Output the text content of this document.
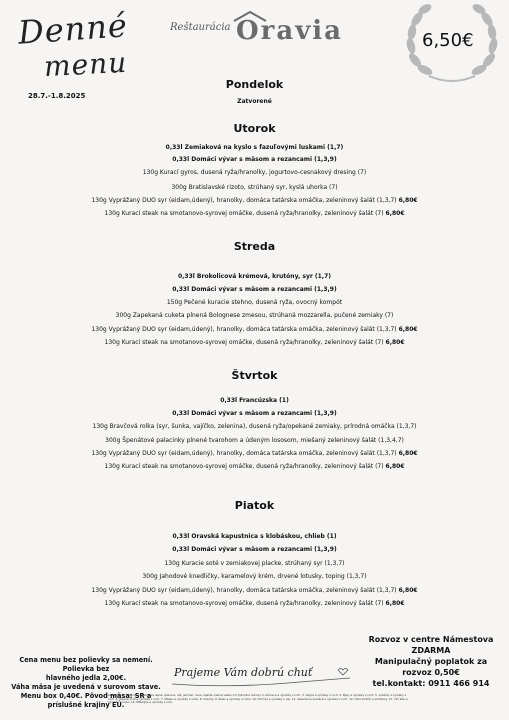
Denné
menu
28.7.-1.8.2025
Reštaurácia Oravia	6,50€
Pondelok
Zatvorené
Utorok
0,33l Zemiaková na kyslo s fazuľovými luskami (1,7)
0,33l Domáci vývar s mäsom a rezancami (1,3,9)
130g Kurací gyros, dusená ryža/hranolky, jogurtovo-cesnakový dresing (7)
300g Bratislavské rizoto, strúhaný syr, kyslá uhorka (7)
130g Vyprážaný DUO syr (eidam,údený), hranolky, domáca tatárska omáčka, zeleninový šalát (1,3,7) 6,80€
130g Kurací steak na smotanovo-syrovej omáčke, dusená ryža/hranolky, zeleninový šalát (7) 6,80€
Streda
0,33l Brokolicová krémová, krutóny, syr (1,7)
0,33l Domáci vývar s mäsom a rezancami (1,3,9)
150g Pečené kuracie stehno, dusená ryža, ovocný kompót
300g Zapekaná cuketa plnená Bolognese zmesou, strúhaná mozzarella, pučené zemiaky (7)
130g Vyprážaný DUO syr (eidam,údený), hranolky, domáca tatárska omáčka, zeleninový šalát (1,3,7) 6,80€
130g Kurací steak na smotanovo-syrovej omáčke, dusená ryža/hranolky, zeleninový šalát (7) 6,80€
Štvrtok
0,33l Francúzska (1)
0,33l Domáci vývar s mäsom a rezancami (1,3,9)
130g Bravčová rolka (syr, šunka, vajíčko, zelenina), dusená ryža/opekané zemiaky, prírodná omáčka (1,3,7)
300g Špenátové palacinky plnené tvarohom a údeným lososom, miešaný zeleninový šalát (1,3,4,7)
130g Vyprážaný DUO syr (eidam,údený), hranolky, domáca tatárska omáčka, zeleninový šalát (1,3,7) 6,80€
130g Kurací steak na smotanovo-syrovej omáčke, dusená ryža/hranolky, zeleninový šalát (7) 6,80€
Piatok
0,33l Oravská kapustnica s klobáskou, chlieb (1)
0,33l Domáci vývar s mäsom a rezancami (1,3,9)
130g Kuracie soté v zemiakovej placke, strúhaný syr (1,3,7)
300g Jahodové knedličky, karamelový krém, drvené lotusky, toping (1,3,7)
130g Vyprážaný DUO syr (eidam,údený), hranolky, domáca tatárska omáčka, zeleninový šalát (1,3,7) 6,80€
130g Kurací steak na smotanovo-syrovej omáčke, dusená ryža/hranolky, zeleninový šalát (7) 6,80€
Cena menu bez polievky sa nemení. Polievka bez
hlavného jedla 2,00€.
Váha mäsa je uvedená v surovom stave.
Menu box 0,40€. Pôvod mäsa: SR a príslušné krajiny EÚ.
Prajeme Vám dobrú chuť
Rozvoz v centre Námestova
ZDARMA
Manipulačný poplatok za
rozvoz 0,50€
tel.kontakt: 0911 466 914
Alergény: 1. Obilniny obsahujúce lepok, pšenica, raž, jačmeň, ovos, špalda, kamut alebo ich hybridné odrody. 2. Kôrovce a výrobky z nich. 3. Vajcia a výrobky z nich. 4. Ryby a výrobky z nich. 5. Arašidy a výrobky z nich. 6. Sójové zrná a výrobky z nich. 7. Mlieko a výrobky z neho. 8. Orechy. 9. Zeler a výrobky z neho. 10. Horčica a výrobky z nej. 11. Sezamové semená a výrobky z nich. 12. Oxid siričitý a siričitany. 13. Vlčí bôb a výrobky z neho. 14. Mäkkýše a výrobky z nich.
